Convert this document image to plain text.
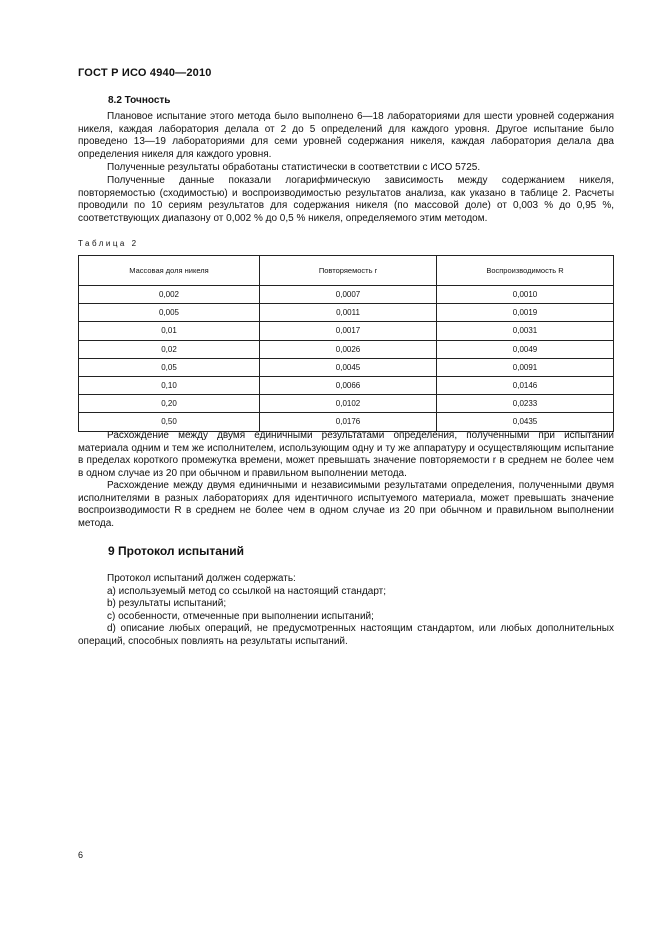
ГОСТ Р ИСО 4940—2010
8.2 Точность
Плановое испытание этого метода было выполнено 6—18 лабораториями для шести уровней содержания никеля, каждая лаборатория делала от 2 до 5 определений для каждого уровня. Другое испытание было проведено 13—19 лабораториями для семи уровней содержания никеля, каждая лаборатория делала два определения никеля для каждого уровня.
Полученные результаты обработаны статистически в соответствии с ИСО 5725.
Полученные данные показали логарифмическую зависимость между содержанием никеля, повторяемостью (сходимостью) и воспроизводимостью результатов анализа, как указано в таблице 2. Расчеты проводили по 10 сериям результатов для содержания никеля (по массовой доле) от 0,003 % до 0,95 %, соответствующих диапазону от 0,002 % до 0,5 % никеля, определяемого этим методом.
Таблица 2
Массовая доля никеля	Повторяемость r	Воспроизводимость R
0,002	0,0007	0,0010
0,005	0,0011	0,0019
0,01	0,0017	0,0031
0,02	0,0026	0,0049
0,05	0,0045	0,0091
0,10	0,0066	0,0146
0,20	0,0102	0,0233
0,50	0,0176	0,0435
Расхождение между двумя единичными результатами определения, полученными при испытании материала одним и тем же исполнителем, использующим одну и ту же аппаратуру и осуществляющим испытание в пределах короткого промежутка времени, может превышать значение повторяемости r в среднем не более чем в одном случае из 20 при обычном и правильном выполнении метода.
Расхождение между двумя единичными и независимыми результатами определения, полученными двумя исполнителями в разных лабораториях для идентичного испытуемого материала, может превышать значение воспроизводимости R в среднем не более чем в одном случае из 20 при обычном и правильном выполнении метода.
9 Протокол испытаний
Протокол испытаний должен содержать:
a) используемый метод со ссылкой на настоящий стандарт;
b) результаты испытаний;
c) особенности, отмеченные при выполнении испытаний;
d) описание любых операций, не предусмотренных настоящим стандартом, или любых дополнительных операций, способных повлиять на результаты испытаний.
6
